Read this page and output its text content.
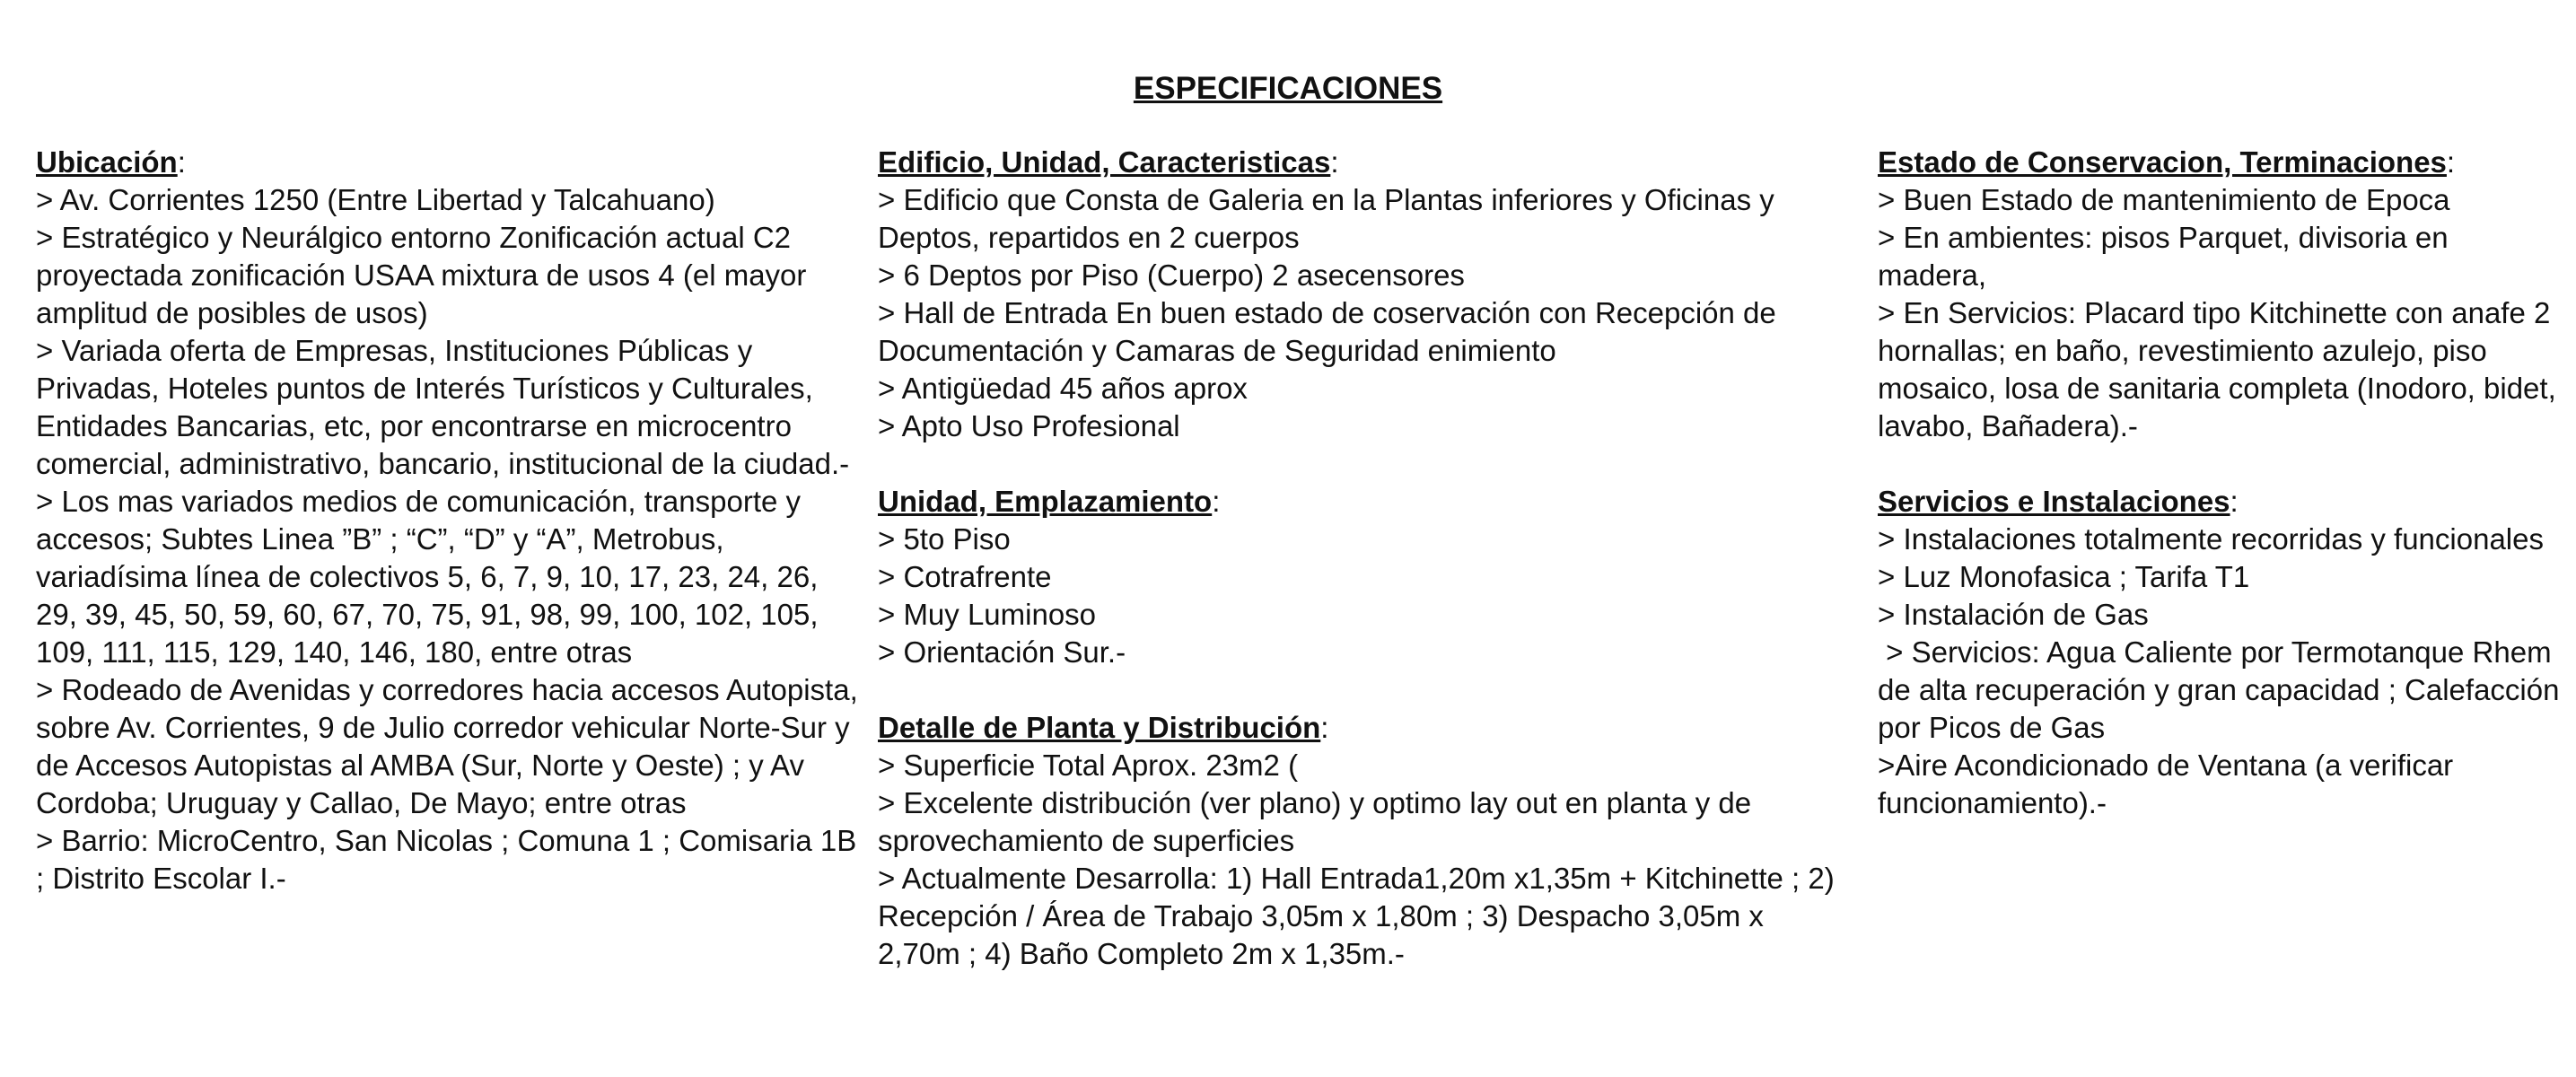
ESPECIFICACIONES

Ubicación:

> Av. Corrientes 1250 (Entre Libertad y Talcahuano)

> Estratégico y Neurálgico entorno Zonificación actual C2 proyectada zonificación USAA mixtura de usos 4 (el mayor amplitud de posibles de usos)

> Variada oferta de Empresas, Instituciones Públicas y Privadas, Hoteles puntos de Interés Turísticos y Culturales, Entidades Bancarias, etc, por encontrarse en microcentro comercial, administrativo, bancario, institucional de la ciudad.-

> Los mas variados medios de comunicación, transporte y accesos; Subtes Linea ”B” ; “C”, “D” y “A”, Metrobus, variadísima línea de colectivos 5, 6, 7, 9, 10, 17, 23, 24, 26, 29, 39, 45, 50, 59, 60, 67, 70, 75, 91, 98, 99, 100, 102, 105, 109, 111, 115, 129, 140, 146, 180, entre otras

> Rodeado de Avenidas y corredores hacia accesos Autopista, sobre Av. Corrientes, 9 de Julio corredor vehicular Norte-Sur y de Accesos Autopistas al AMBA (Sur, Norte y Oeste) ; y Av Cordoba; Uruguay y Callao, De Mayo; entre otras

> Barrio: MicroCentro, San Nicolas ; Comuna 1 ; Comisaria 1B ; Distrito Escolar I.-

Edificio, Unidad, Caracteristicas:

> Edificio que Consta de Galeria en la Plantas inferiores y Oficinas y Deptos, repartidos en 2 cuerpos

> 6 Deptos por Piso (Cuerpo) 2 asecensores

> Hall de Entrada En buen estado de coservación con Recepción de Documentación y Camaras de Seguridad enimiento

> Antigüedad 45 años aprox

> Apto Uso Profesional

Unidad, Emplazamiento:

> 5to Piso

> Cotrafrente

> Muy Luminoso

> Orientación Sur.-

Detalle de Planta y Distribución:

> Superficie Total Aprox. 23m2 (

> Excelente distribución (ver plano) y optimo lay out en planta y de sprovechamiento de superficies

> Actualmente Desarrolla: 1) Hall Entrada1,20m x1,35m + Kitchinette ; 2) Recepción / Área de Trabajo 3,05m x 1,80m ; 3) Despacho 3,05m x 2,70m ; 4) Baño Completo 2m x 1,35m.-

Estado de Conservacion, Terminaciones:

> Buen Estado de mantenimiento de Epoca

> En ambientes: pisos Parquet, divisoria en madera,

> En Servicios: Placard tipo Kitchinette con anafe 2 hornallas; en baño, revestimiento azulejo, piso mosaico, losa de sanitaria completa (Inodoro, bidet, lavabo, Bañadera).-

Servicios e Instalaciones:

> Instalaciones totalmente recorridas y funcionales

> Luz Monofasica ; Tarifa T1

> Instalación de Gas

> Servicios: Agua Caliente por Termotanque Rhem de alta recuperación y gran capacidad ; Calefacción por Picos de Gas

>Aire Acondicionado de Ventana (a verificar funcionamiento).-
